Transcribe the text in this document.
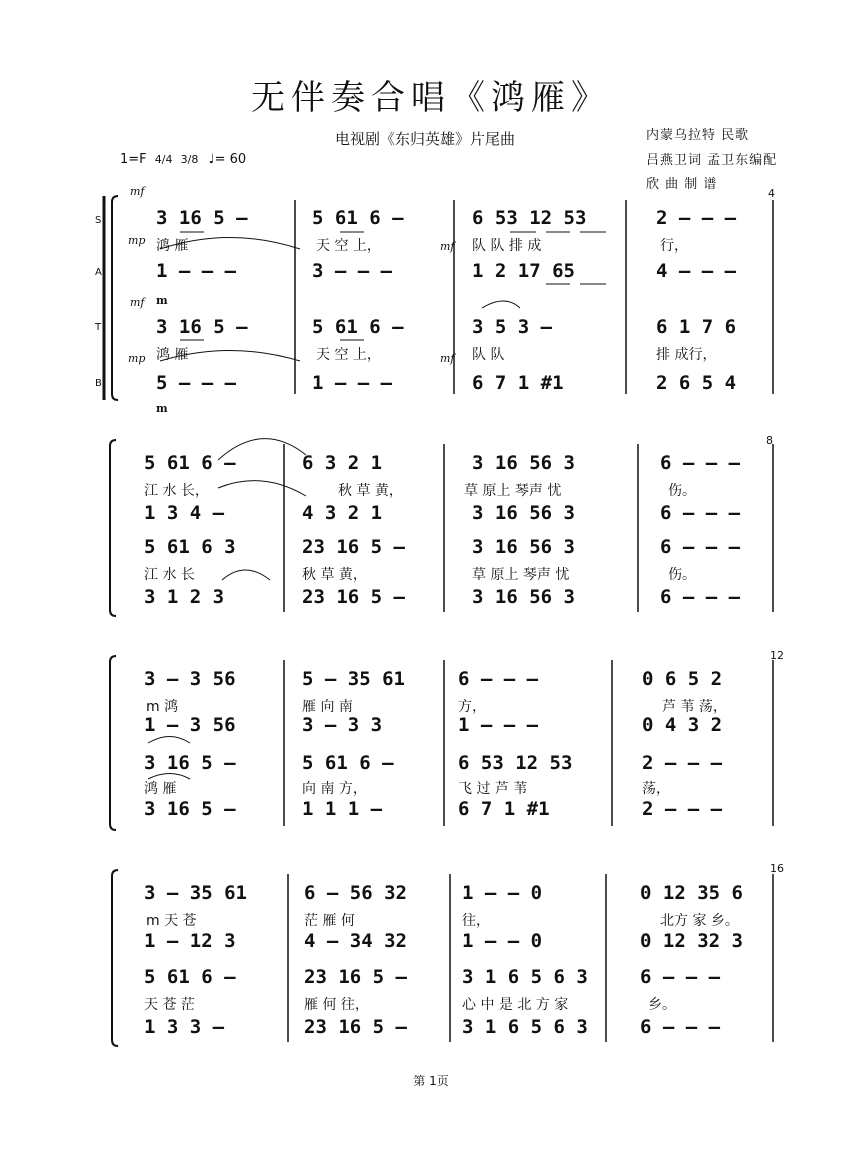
无伴奏合唱《鸿雁》
电视剧《东归英雄》片尾曲	内蒙乌拉特 民歌
吕燕卫词 孟卫东编配
欣 曲 制 谱
1=F 4/4 3/8 ♩= 60
S
A
T
B
mf
mp	mf
mp	mf
mf m
m
4
8
12
16
3 16 5 –	5 61 6 –	6 53 12 53	2 – – –
鸿 雁	天 空 上，	队 队 排 成	行，
1 – – –	3 – – –	1 2 17 65	4 – – –
3 16 5 –	5 61 6 –	3 5 3 –	6 1 7 6
鸿 雁	天 空 上，	队 队	排 成行，
5 – – –	1 – – –	6 7 1 #1	2 6 5 4
5 61 6 –	6 3 2 1	3 16 56 3	6 – – –
江 水 长，	秋 草 黄，	草 原上 琴声 忧	伤。
1 3 4 –	4 3 2 1	3 16 56 3	6 – – –
5 61 6 3	23 16 5 –	3 16 56 3	6 – – –
江 水 长	秋 草 黄，	草 原上 琴声 忧	伤。
3 1 2 3	23 16 5 –	3 16 56 3	6 – – –
3 – 3 56	5 – 35 61	6 – – –	0 6 5 2
m 鸿	雁 向 南	方，	芦 苇 荡，
1 – 3 56	3 – 3 3	1 – – –	0 4 3 2
3 16 5 –	5 61 6 –	6 53 12 53	2 – – –
鸿 雁	向 南 方，	飞 过 芦 苇	荡，
3 16 5 –	1 1 1 –	6 7 1 #1	2 – – –
3 – 35 61	6 – 56 32	1 – – 0	0 12 35 6
m 天 苍	茫 雁 何	往，	北方 家 乡。
1 – 12 3	4 – 34 32	1 – – 0	0 12 32 3
5 61 6 –	23 16 5 –	3 1 6 5 6 3	6 – – –
天 苍 茫	雁 何 往，	心 中 是 北 方 家	乡。
1 3 3 –	23 16 5 –	3 1 6 5 6 3	6 – – –
第 1页
